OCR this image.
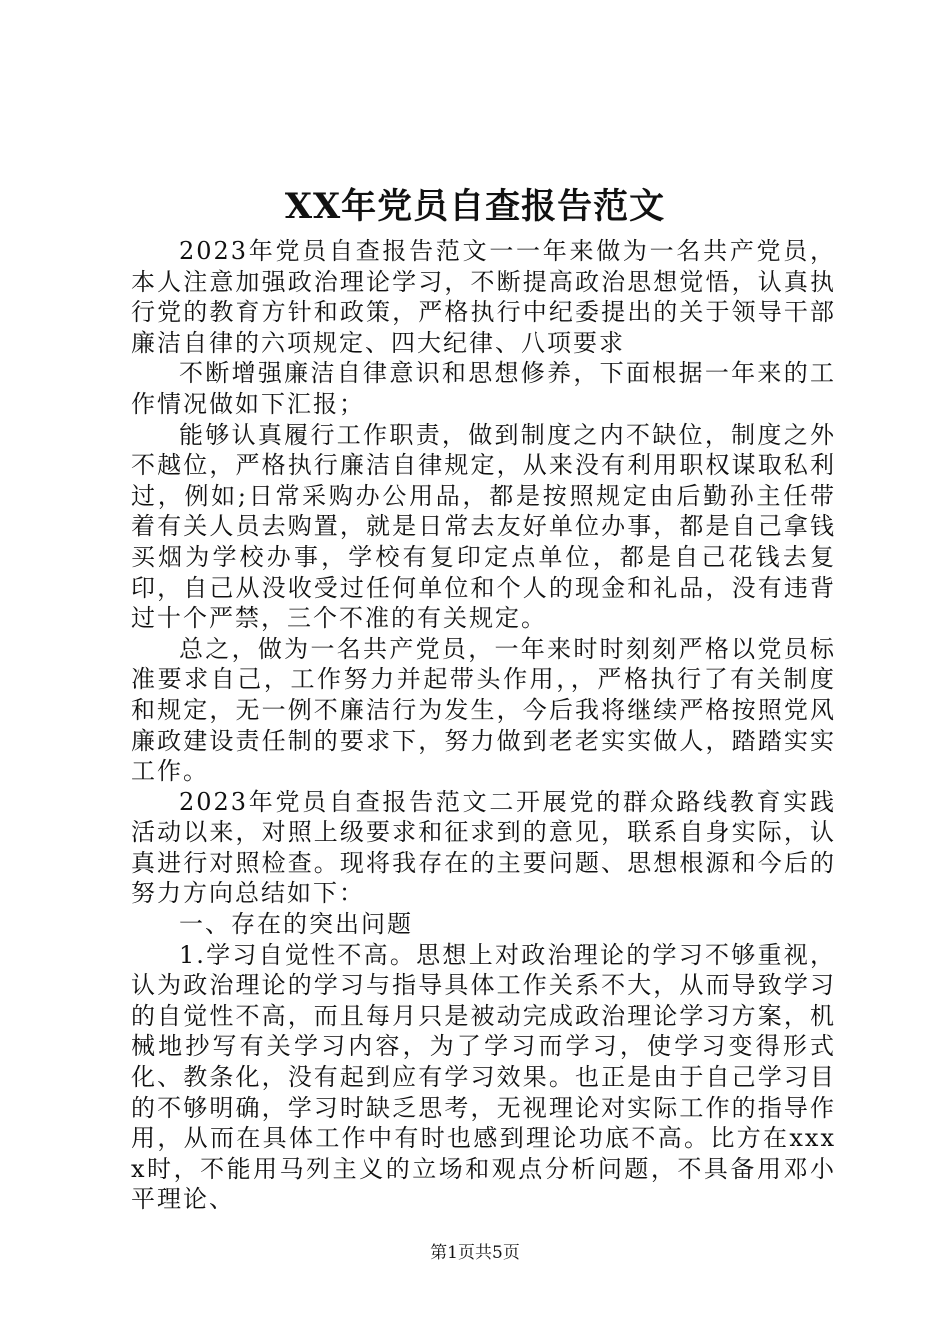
XX年党员自查报告范文

2023年党员自查报告范文一一年来做为一名共产党员，本人注意加强政治理论学习，不断提高政治思想觉悟，认真执行党的教育方针和政策，严格执行中纪委提出的关于领导干部廉洁自律的六项规定、四大纪律、八项要求

不断增强廉洁自律意识和思想修养，下面根据一年来的工作情况做如下汇报；

能够认真履行工作职责，做到制度之内不缺位，制度之外不越位，严格执行廉洁自律规定，从来没有利用职权谋取私利过，例如;日常采购办公用品，都是按照规定由后勤孙主任带着有关人员去购置，就是日常去友好单位办事，都是自己拿钱买烟为学校办事，学校有复印定点单位，都是自己花钱去复印，自己从没收受过任何单位和个人的现金和礼品，没有违背过十个严禁，三个不准的有关规定。

总之，做为一名共产党员，一年来时时刻刻严格以党员标准要求自己，工作努力并起带头作用，，严格执行了有关制度和规定，无一例不廉洁行为发生，今后我将继续严格按照党风廉政建设责任制的要求下，努力做到老老实实做人，踏踏实实工作。

2023年党员自查报告范文二开展党的群众路线教育实践活动以来，对照上级要求和征求到的意见，联系自身实际，认真进行对照检查。现将我存在的主要问题、思想根源和今后的努力方向总结如下：

一、存在的突出问题

1.学习自觉性不高。思想上对政治理论的学习不够重视，认为政治理论的学习与指导具体工作关系不大，从而导致学习的自觉性不高，而且每月只是被动完成政治理论学习方案，机械地抄写有关学习内容，为了学习而学习，使学习变得形式化、教条化，没有起到应有学习效果。也正是由于自己学习目的不够明确，学习时缺乏思考，无视理论对实际工作的指导作用，从而在具体工作中有时也感到理论功底不高。比方在xxxx时，不能用马列主义的立场和观点分析问题，不具备用邓小平理论、

第1页共5页
